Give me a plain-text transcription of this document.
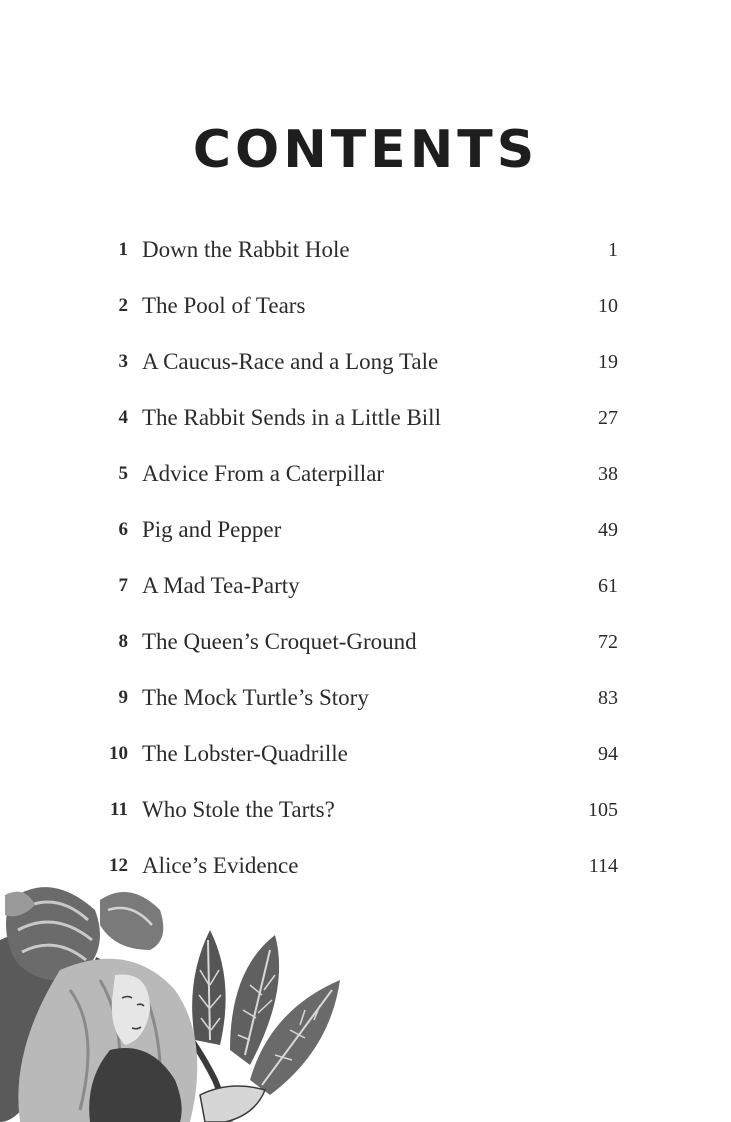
CONTENTS
1 Down the Rabbit Hole	1
2 The Pool of Tears	10
3 A Caucus-Race and a Long Tale	19
4 The Rabbit Sends in a Little Bill	27
5 Advice From a Caterpillar	38
6 Pig and Pepper	49
7 A Mad Tea-Party	61
8 The Queen’s Croquet-Ground	72
9 The Mock Turtle’s Story	83
10 The Lobster-Quadrille	94
11 Who Stole the Tarts?	105
12 Alice’s Evidence	114
